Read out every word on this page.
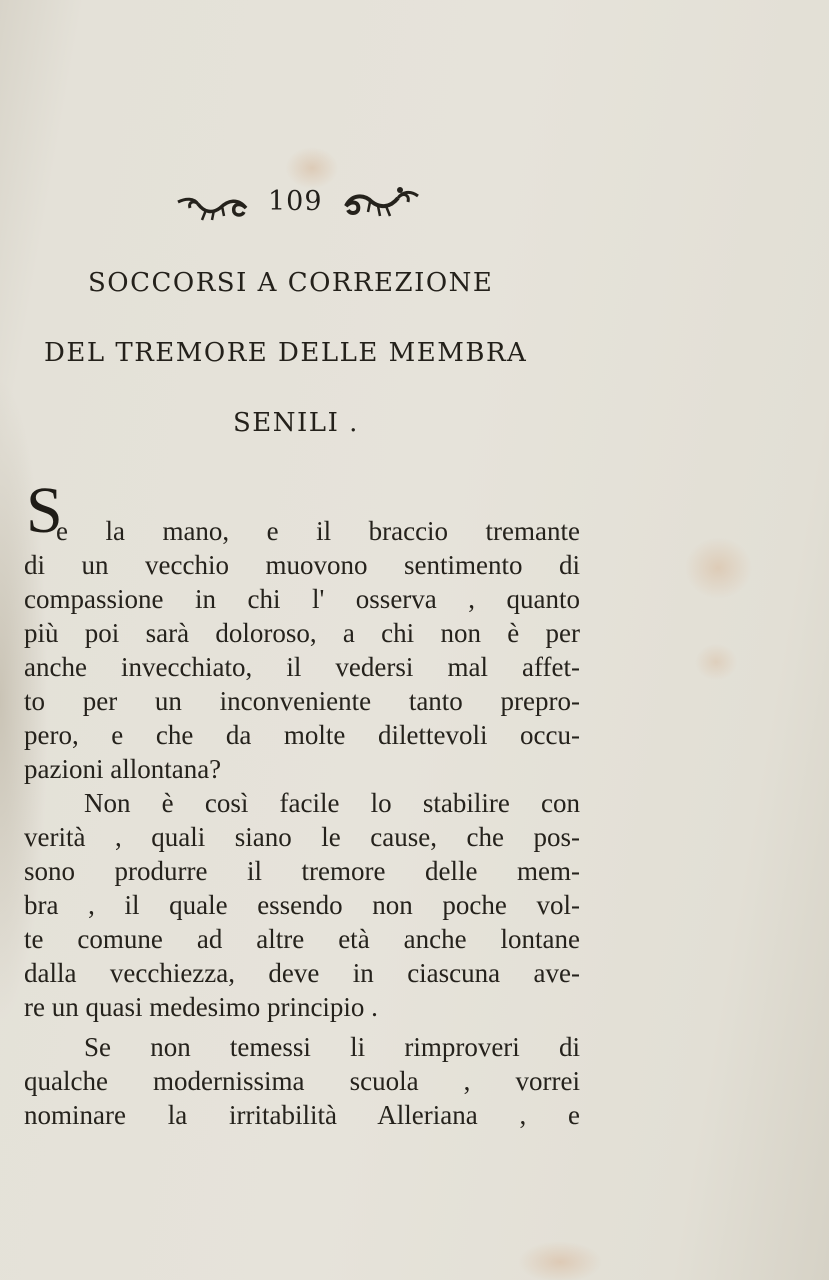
109
SOCCORSI A CORREZIONE
DEL TREMORE DELLE MEMBRA
SENILI .
S
e la mano, e il braccio tremante
di un vecchio muovono sentimento di
compassione in chi l' osserva , quanto
più poi sarà doloroso, a chi non è per
anche invecchiato, il vedersi mal affet-
to per un inconveniente tanto prepro-
pero, e che da molte dilettevoli occu-
pazioni allontana?
Non è così facile lo stabilire con
verità , quali siano le cause, che pos-
sono produrre il tremore delle mem-
bra , il quale essendo non poche vol-
te comune ad altre età anche lontane
dalla vecchiezza, deve in ciascuna ave-
re un quasi medesimo principio .
Se non temessi li rimproveri di
qualche modernissima scuola , vorrei
nominare la irritabilità Alleriana , e
